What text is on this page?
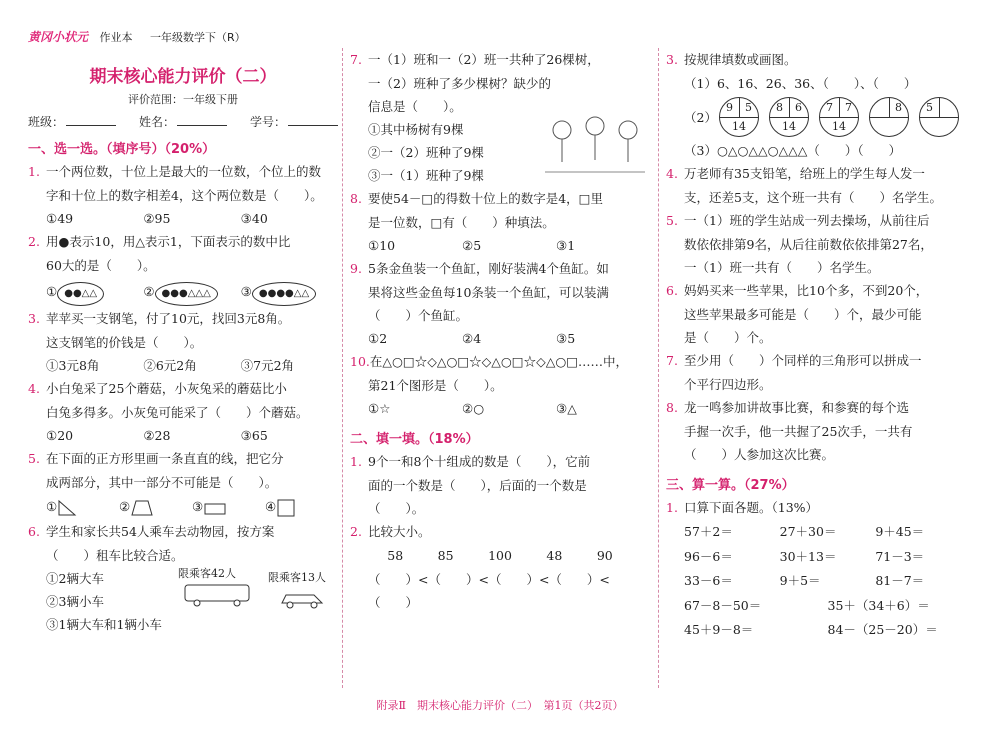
黄冈小状元 作业本 一年级数学下（R）
期末核心能力评价（二）
评价范围：一年级下册
班级：	姓名：	学号：
一、选一选。（填序号）（20%）
1. 一个两位数，十位上是最大的一位数，个位上的数
字和十位上的数字相差4，这个两位数是（　　）。
①49	②95	③40
2. 用●表示10，用△表示1，下面表示的数中比
60大的是（　　）。
① ●●△△	② ●●●△△△	③ ●●●●△△
3. 苹苹买一支钢笔，付了10元，找回3元8角。
这支钢笔的价钱是（　　）。
①3元8角	②6元2角	③7元2角
4. 小白兔采了25个蘑菇，小灰兔采的蘑菇比小
白兔多得多。小灰兔可能采了（　　）个蘑菇。
①20	②28	③65
5. 在下面的正方形里画一条直直的线，把它分
成两部分，其中一部分不可能是（　　）。
①	②	③	④
6. 学生和家长共54人乘车去动物园，按方案
（　　）租车比较合适。
①2辆大车
②3辆小车
③1辆大车和1辆小车
限乘客42人	限乘客13人
7. 一（1）班和一（2）班一共种了26棵树，
一（2）班种了多少棵树？缺少的
信息是（　　）。
①其中杨树有9棵
②一（2）班种了9棵
③一（1）班种了9棵
8. 要使54－□的得数十位上的数字是4，□里
是一位数，□有（　　）种填法。
①10	②5	③1
9. 5条金鱼装一个鱼缸，刚好装满4个鱼缸。如
果将这些金鱼每10条装一个鱼缸，可以装满
（　　）个鱼缸。
①2	②4	③5
10. 在△○□☆◇△○□☆◇△○□☆◇△○□……中，
第21个图形是（　　）。
①☆	②○	③△
二、填一填。（18%）
1. 9个一和8个十组成的数是（　　），它前
面的一个数是（　　），后面的一个数是
（　　）。
2. 比较大小。
58	85	100	48	90
（　　）<（　　）<（　　）<（　　）<（　　）
3. 按规律填数或画图。
（1）6、16、26、36、（　　）、（　　）
（2）
9 5
14
8 6
14
7 7
14
8 5
（3）○△○△△○△△△（　　）（　　）
4. 万老师有35支铅笔，给班上的学生每人发一
支，还差5支，这个班一共有（　　）名学生。
5. 一（1）班的学生站成一列去操场，从前往后
数依依排第9名，从后往前数依依排第27名，
一（1）班一共有（　　）名学生。
6. 妈妈买来一些苹果，比10个多，不到20个，
这些苹果最多可能是（　　）个，最少可能
是（　　）个。
7. 至少用（　　）个同样的三角形可以拼成一
个平行四边形。
8. 龙一鸣参加讲故事比赛，和参赛的每个选
手握一次手，他一共握了25次手，一共有
（　　）人参加这次比赛。
三、算一算。（27%）
1. 口算下面各题。（13%）
57＋2＝	27＋30＝	9＋45＝
96－6＝	30＋13＝	71－3＝
33－6＝	9＋5＝	81－7＝
67－8－50＝	35＋（34＋6）＝
45＋9－8＝	84－（25－20）＝
附录Ⅱ　期末核心能力评价（二）　第1页（共2页）
